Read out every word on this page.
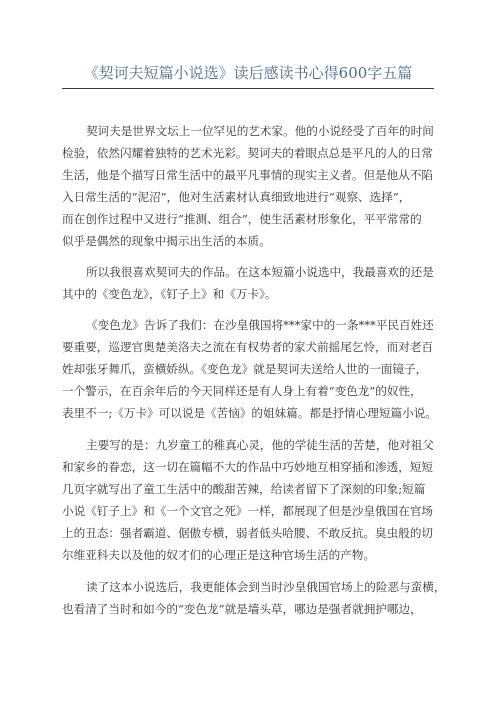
《契诃夫短篇小说选》读后感读书心得600字五篇
契诃夫是世界文坛上一位罕见的艺术家。他的小说经受了百年的时间
检验，依然闪耀着独特的艺术光彩。契诃夫的着眼点总是平凡的人的日常
生活，他是个描写日常生活中的最平凡事情的现实主义者。但是他从不陷
入日常生活的“泥沼”，他对生活素材认真细致地进行“观察、选择”，
而在创作过程中又进行“推测、组合”，使生活素材形象化，平平常常的
似乎是偶然的现象中揭示出生活的本质。
所以我很喜欢契诃夫的作品。在这本短篇小说选中，我最喜欢的还是
其中的《变色龙》，《钉子上》和《万卡》。
《变色龙》告诉了我们：在沙皇俄国将***家中的一条***平民百姓还
要重要，巡逻官奥楚美洛夫之流在有权势者的家犬前摇尾乞怜，而对老百
姓却张牙舞爪，蛮横娇纵。《变色龙》就是契诃夫送给人世的一面镜子，
一个警示，在百余年后的今天同样还是有人身上有着“变色龙”的奴性，
表里不一;《万卡》可以说是《苦恼》的姐妹篇。都是抒情心理短篇小说。
主要写的是：九岁童工的稚真心灵，他的学徒生活的苦楚，他对祖父
和家乡的眷恋，这一切在篇幅不大的作品中巧妙地互相穿插和渗透，短短
几页字就写出了童工生活中的酸甜苦辣，给读者留下了深刻的印象;短篇
小说《钉子上》和《一个文官之死》一样，都展现了但是沙皇俄国在官场
上的丑态：强者霸道、倨傲专横，弱者低头哈腰、不敢反抗。臭虫般的切
尔维亚科夫以及他的奴才们的心理正是这种官场生活的产物。
读了这本小说选后，我更能体会到当时沙皇俄国官场上的险恶与蛮横，
也看清了当时和如今的“变色龙”就是墙头草，哪边是强者就拥护哪边，
